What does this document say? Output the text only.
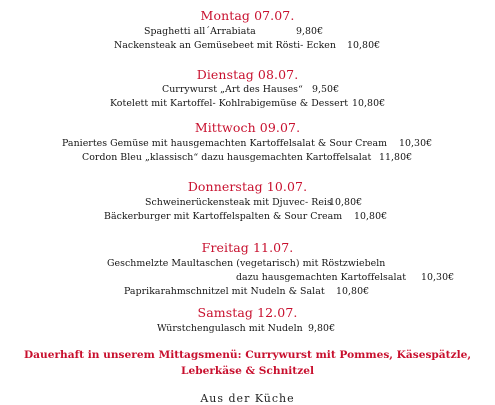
Montag 07.07.
Spaghetti all´Arrabiata	9,80€
Nackensteak an Gemüsebeet mit Rösti- Ecken 10,80€
Dienstag 08.07.
Currywurst „Art des Hauses“ 9,50€
Kotelett mit Kartoffel- Kohlrabigemüse & Dessert 10,80€
Mittwoch 09.07.
Paniertes Gemüse mit hausgemachten Kartoffelsalat & Sour Cream 10,30€
Cordon Bleu „klassisch“ dazu hausgemachten Kartoffelsalat 11,80€
Donnerstag 10.07.
Schweinerückensteak mit Djuvec- Reis
10,80€
Bäckerburger mit Kartoffelspalten & Sour Cream 10,80€
Freitag 11.07.
Geschmelzte Maultaschen (vegetarisch) mit Röstzwiebeln
dazu hausgemachten Kartoffelsalat 10,30€
Paprikarahmschnitzel mit Nudeln & Salat 10,80€
Samstag 12.07.
Würstchengulasch mit Nudeln 9,80€
Dauerhaft in unserem Mittagsmenü: Currywurst mit Pommes, Käsespätzle,
Leberkäse & Schnitzel
Aus der Küche
